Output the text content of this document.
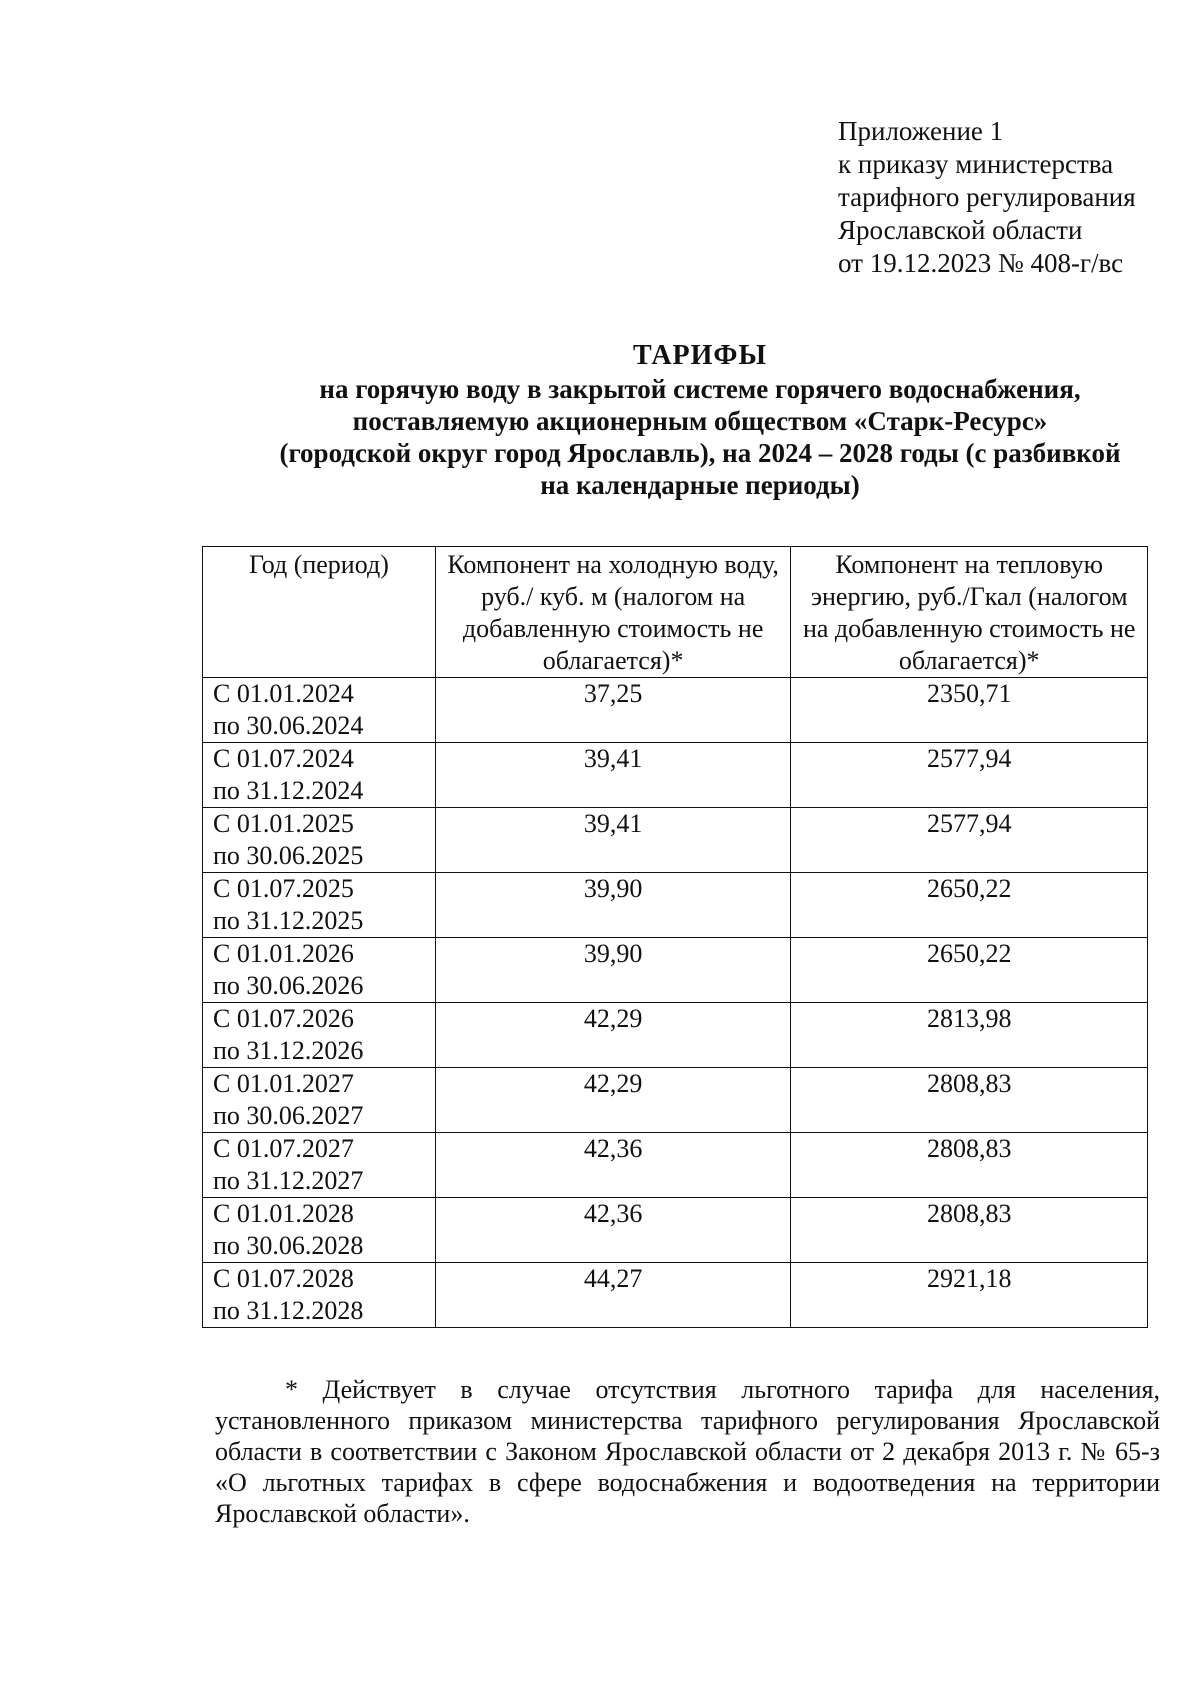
Приложение 1
к приказу министерства
тарифного регулирования
Ярославской области
от 19.12.2023 № 408-г/вс
ТАРИФЫ
на горячую воду в закрытой системе горячего водоснабжения,
поставляемую акционерным обществом «Старк-Ресурс»
(городской округ город Ярославль), на 2024 – 2028 годы (с разбивкой
на календарные периоды)
Год (период)	Компонент на холодную воду, руб./ куб. м (налогом на добавленную стоимость не облагается)*	Компонент на тепловую энергию, руб./Гкал (налогом на добавленную стоимость не облагается)*

С 01.01.2024
по 30.06.2024	37,25	2350,71

С 01.07.2024
по 31.12.2024	39,41	2577,94

С 01.01.2025
по 30.06.2025	39,41	2577,94

С 01.07.2025
по 31.12.2025	39,90	2650,22

С 01.01.2026
по 30.06.2026	39,90	2650,22

С 01.07.2026
по 31.12.2026	42,29	2813,98

С 01.01.2027
по 30.06.2027	42,29	2808,83

С 01.07.2027
по 31.12.2027	42,36	2808,83

С 01.01.2028
по 30.06.2028	42,36	2808,83

С 01.07.2028
по 31.12.2028	44,27	2921,18
* Действует в случае отсутствия льготного тарифа для населения, установленного приказом министерства тарифного регулирования Ярославской области в соответствии с Законом Ярославской области от 2 декабря 2013 г. № 65-з «О льготных тарифах в сфере водоснабжения и водоотведения на территории Ярославской области».
